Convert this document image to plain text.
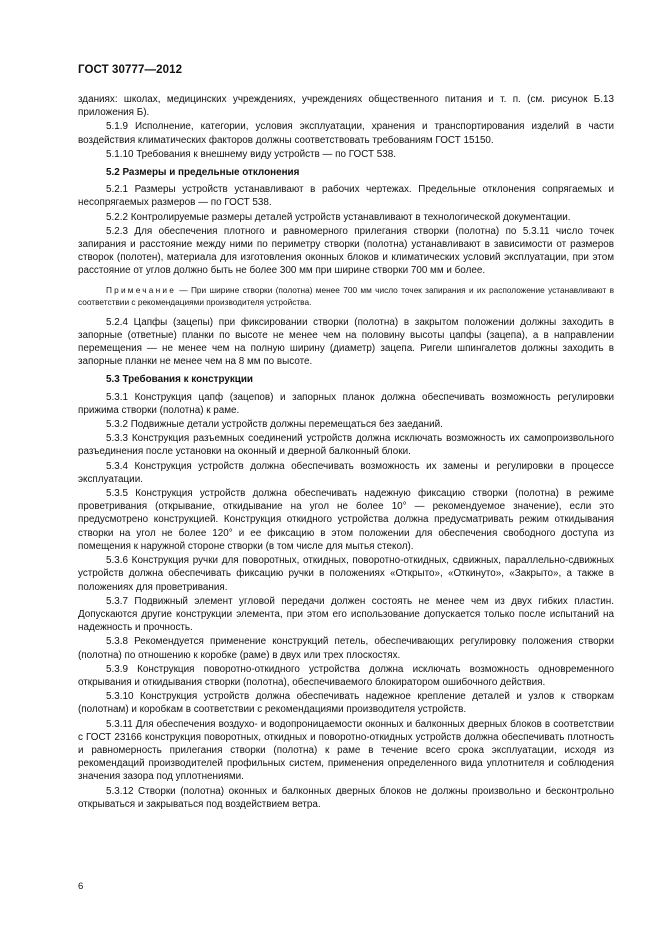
ГОСТ 30777—2012

зданиях: школах, медицинских учреждениях, учреждениях общественного питания и т. п. (см. рисунок Б.13 приложения Б).

5.1.9 Исполнение, категории, условия эксплуатации, хранения и транспортирования изделий в части воздействия климатических факторов должны соответствовать требованиям ГОСТ 15150.

5.1.10 Требования к внешнему виду устройств — по ГОСТ 538.

5.2 Размеры и предельные отклонения

5.2.1 Размеры устройств устанавливают в рабочих чертежах. Предельные отклонения сопрягаемых и несопрягаемых размеров — по ГОСТ 538.

5.2.2 Контролируемые размеры деталей устройств устанавливают в технологической документации.

5.2.3 Для обеспечения плотного и равномерного прилегания створки (полотна) по 5.3.11 число точек запирания и расстояние между ними по периметру створки (полотна) устанавливают в зависимости от размеров створок (полотен), материала для изготовления оконных блоков и климатических условий эксплуатации, при этом расстояние от углов должно быть не более 300 мм при ширине створки 700 мм и более.

Примечание — При ширине створки (полотна) менее 700 мм число точек запирания и их расположение устанавливают в соответствии с рекомендациями производителя устройства.

5.2.4 Цапфы (зацепы) при фиксировании створки (полотна) в закрытом положении должны заходить в запорные (ответные) планки по высоте не менее чем на половину высоты цапфы (зацепа), а в направлении перемещения — не менее чем на полную ширину (диаметр) зацепа. Ригели шпингалетов должны заходить в запорные планки не менее чем на 8 мм по высоте.

5.3 Требования к конструкции

5.3.1 Конструкция цапф (зацепов) и запорных планок должна обеспечивать возможность регулировки прижима створки (полотна) к раме.

5.3.2 Подвижные детали устройств должны перемещаться без заеданий.

5.3.3 Конструкция разъемных соединений устройств должна исключать возможность их самопроизвольного разъединения после установки на оконный и дверной балконный блоки.

5.3.4 Конструкция устройств должна обеспечивать возможность их замены и регулировки в процессе эксплуатации.

5.3.5 Конструкция устройств должна обеспечивать надежную фиксацию створки (полотна) в режиме проветривания (открывание, откидывание на угол не более 10° — рекомендуемое значение), если это предусмотрено конструкцией. Конструкция откидного устройства должна предусматривать режим откидывания створки на угол не более 120° и ее фиксацию в этом положении для обеспечения свободного доступа из помещения к наружной стороне створки (в том числе для мытья стекол).

5.3.6 Конструкция ручки для поворотных, откидных, поворотно-откидных, сдвижных, параллельно-сдвижных устройств должна обеспечивать фиксацию ручки в положениях «Открыто», «Откинуто», «Закрыто», а также в положениях для проветривания.

5.3.7 Подвижный элемент угловой передачи должен состоять не менее чем из двух гибких пластин. Допускаются другие конструкции элемента, при этом его использование допускается только после испытаний на надежность и прочность.

5.3.8 Рекомендуется применение конструкций петель, обеспечивающих регулировку положения створки (полотна) по отношению к коробке (раме) в двух или трех плоскостях.

5.3.9 Конструкция поворотно-откидного устройства должна исключать возможность одновременного открывания и откидывания створки (полотна), обеспечиваемого блокиратором ошибочного действия.

5.3.10 Конструкция устройств должна обеспечивать надежное крепление деталей и узлов к створкам (полотнам) и коробкам в соответствии с рекомендациями производителя устройств.

5.3.11 Для обеспечения воздухо- и водопроницаемости оконных и балконных дверных блоков в соответствии с ГОСТ 23166 конструкция поворотных, откидных и поворотно-откидных устройств должна обеспечивать плотность и равномерность прилегания створки (полотна) к раме в течение всего срока эксплуатации, исходя из рекомендаций производителей профильных систем, применения определенного вида уплотнителя и соблюдения значения зазора под уплотнениями.

5.3.12 Створки (полотна) оконных и балконных дверных блоков не должны произвольно и бесконтрольно открываться и закрываться под воздействием ветра.

6
